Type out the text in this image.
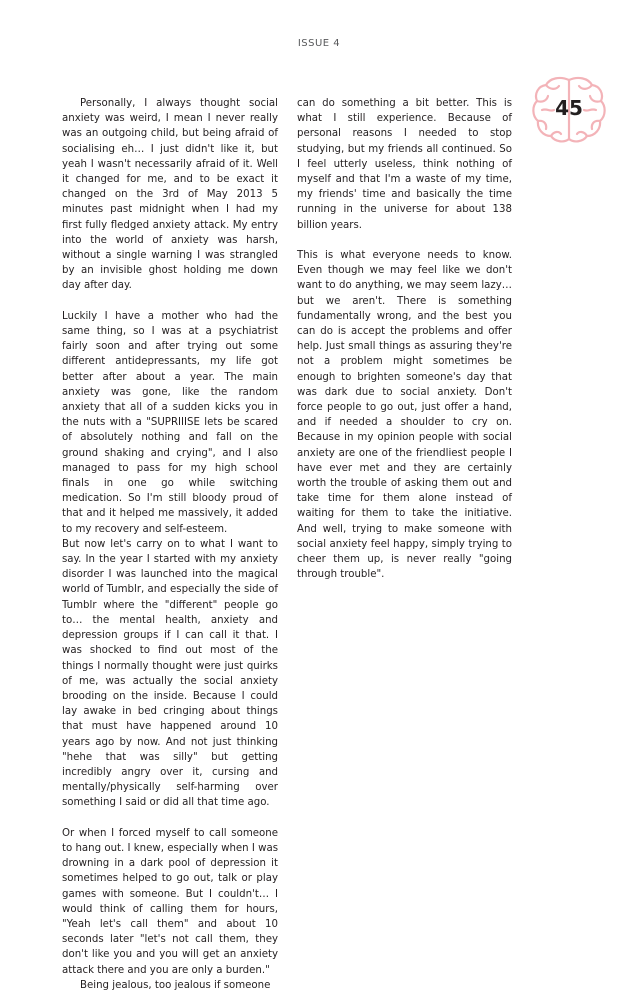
ISSUE 4
45

Personally, I always thought social anxiety was weird, I mean I never really was an outgoing child, but being afraid of socialising eh… I just didn't like it, but yeah I wasn't necessarily afraid of it. Well it changed for me, and to be exact it changed on the 3rd of May 2013 5 minutes past midnight when I had my first fully fledged anxiety attack. My entry into the world of anxiety was harsh, without a single warning I was strangled by an invisible ghost holding me down day after day.

Luckily I have a mother who had the same thing, so I was at a psychiatrist fairly soon and after trying out some different antidepressants, my life got better after about a year. The main anxiety was gone, like the random anxiety that all of a sudden kicks you in the nuts with a "SUPRIIISE lets be scared of absolutely nothing and fall on the ground shaking and crying", and I also managed to pass for my high school finals in one go while switching medication. So I'm still bloody proud of that and it helped me massively, it added to my recovery and self-esteem.

But now let's carry on to what I want to say. In the year I started with my anxiety disorder I was launched into the magical world of Tumblr, and especially the side of Tumblr where the "different" people go to… the mental health, anxiety and depression groups if I can call it that. I was shocked to find out most of the things I normally thought were just quirks of me, was actually the social anxiety brooding on the inside. Because I could lay awake in bed cringing about things that must have happened around 10 years ago by now. And not just thinking "hehe that was silly" but getting incredibly angry over it, cursing and mentally/physically self-harming over something I said or did all that time ago.

Or when I forced myself to call someone to hang out. I knew, especially when I was drowning in a dark pool of depression it sometimes helped to go out, talk or play games with someone. But I couldn't… I would think of calling them for hours, "Yeah let's call them" and about 10 seconds later "let's not call them, they don't like you and you will get an anxiety attack there and you are only a burden."

Being jealous, too jealous if someone

can do something a bit better. This is what I still experience. Because of personal reasons I needed to stop studying, but my friends all continued. So I feel utterly useless, think nothing of myself and that I'm a waste of my time, my friends' time and basically the time running in the universe for about 138 billion years.

This is what everyone needs to know. Even though we may feel like we don't want to do anything, we may seem lazy… but we aren't. There is something fundamentally wrong, and the best you can do is accept the problems and offer help. Just small things as assuring they're not a problem might sometimes be enough to brighten someone's day that was dark due to social anxiety. Don't force people to go out, just offer a hand, and if needed a shoulder to cry on. Because in my opinion people with social anxiety are one of the friendliest people I have ever met and they are certainly worth the trouble of asking them out and take time for them alone instead of waiting for them to take the initiative. And well, trying to make someone with social anxiety feel happy, simply trying to cheer them up, is never really "going through trouble".
